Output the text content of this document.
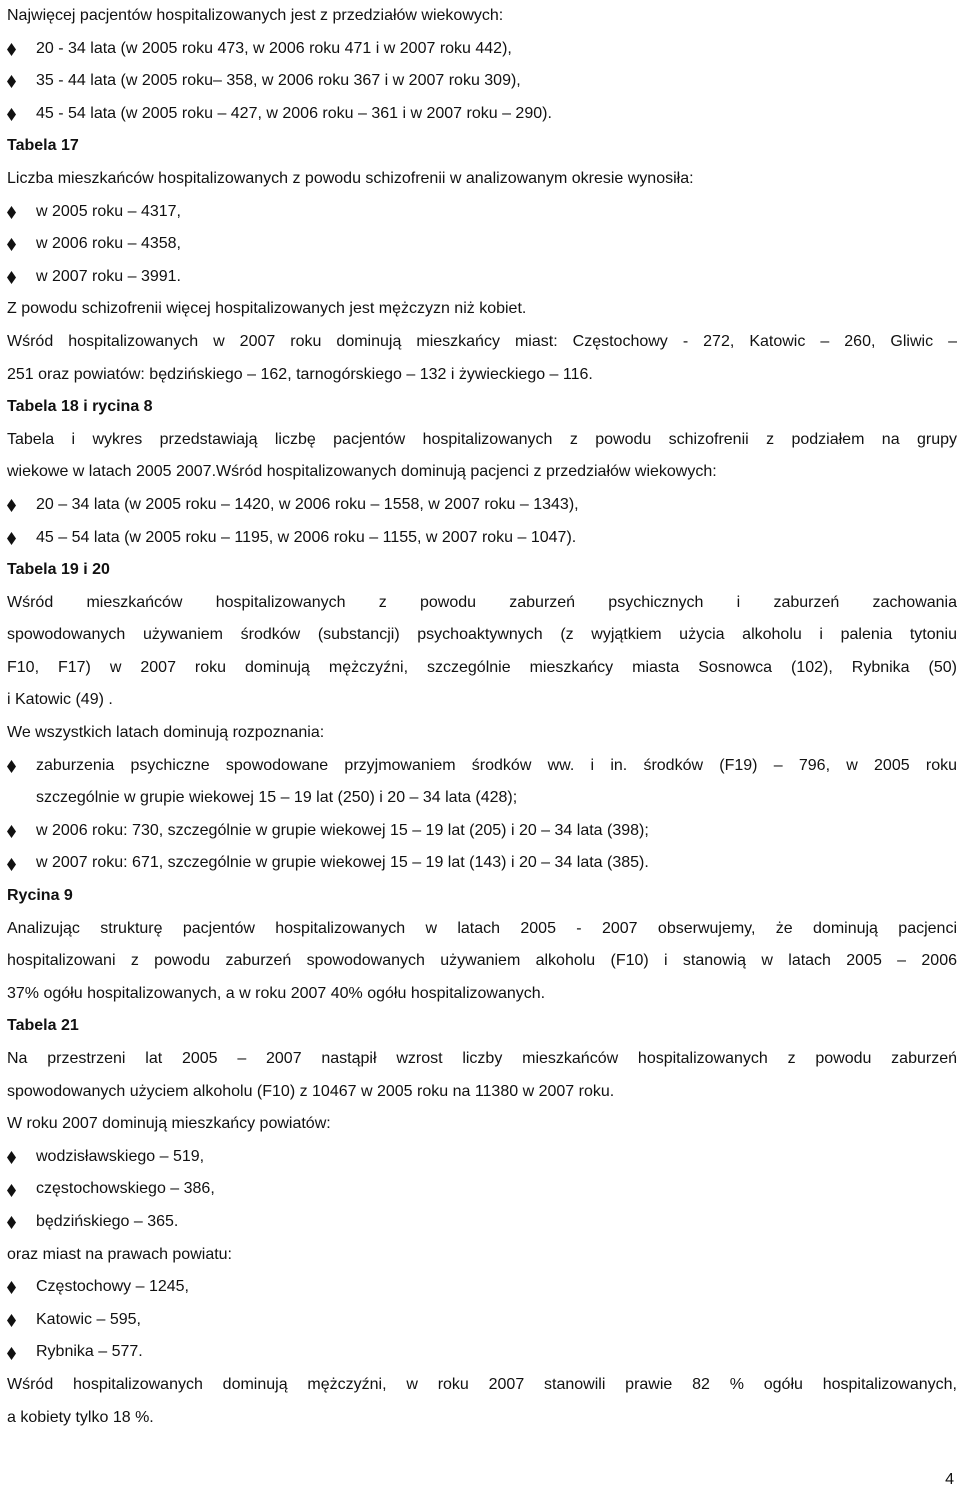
Najwięcej pacjentów hospitalizowanych jest z przedziałów wiekowych:
20 - 34 lata (w 2005 roku 473, w 2006 roku 471 i w 2007 roku 442),
35 - 44 lata (w 2005 roku– 358, w 2006 roku 367 i w 2007 roku 309),
45 - 54 lata (w 2005 roku – 427, w 2006 roku – 361 i w 2007 roku – 290).
Tabela 17
Liczba mieszkańców hospitalizowanych z powodu schizofrenii w analizowanym okresie wynosiła:
w 2005 roku – 4317,
w 2006 roku – 4358,
w 2007 roku – 3991.
Z powodu schizofrenii więcej hospitalizowanych jest mężczyzn niż kobiet.
Wśród hospitalizowanych w 2007 roku dominują mieszkańcy miast: Częstochowy - 272, Katowic – 260, Gliwic –
251 oraz powiatów: będzińskiego – 162, tarnogórskiego – 132 i żywieckiego – 116.
Tabela 18 i rycina 8
Tabela i wykres przedstawiają liczbę pacjentów hospitalizowanych z powodu schizofrenii z podziałem na grupy
wiekowe w latach 2005 2007.Wśród hospitalizowanych dominują pacjenci z przedziałów wiekowych:
20 – 34 lata (w 2005 roku – 1420, w 2006 roku – 1558, w 2007 roku – 1343),
45 – 54 lata (w 2005 roku – 1195, w 2006 roku – 1155, w 2007 roku – 1047).
Tabela 19 i 20
Wśród mieszkańców hospitalizowanych z powodu zaburzeń psychicznych i zaburzeń zachowania
spowodowanych używaniem środków (substancji) psychoaktywnych (z wyjątkiem użycia alkoholu i palenia tytoniu
F10, F17) w 2007 roku dominują mężczyźni, szczególnie mieszkańcy miasta Sosnowca (102), Rybnika (50)
i Katowic (49) .
We wszystkich latach dominują rozpoznania:
zaburzenia psychiczne spowodowane przyjmowaniem środków ww. i in. środków (F19) – 796, w 2005 roku
szczególnie w grupie wiekowej 15 – 19 lat (250) i 20 – 34 lata (428);
w 2006 roku: 730, szczególnie w grupie wiekowej 15 – 19 lat (205) i 20 – 34 lata (398);
w 2007 roku: 671, szczególnie w grupie wiekowej 15 – 19 lat (143) i 20 – 34 lata (385).
Rycina 9
Analizując strukturę pacjentów hospitalizowanych w latach 2005 - 2007 obserwujemy, że dominują pacjenci
hospitalizowani z powodu zaburzeń spowodowanych używaniem alkoholu (F10) i stanowią w latach 2005 – 2006
37% ogółu hospitalizowanych, a w roku 2007 40% ogółu hospitalizowanych.
Tabela 21
Na przestrzeni lat 2005 – 2007 nastąpił wzrost liczby mieszkańców hospitalizowanych z powodu zaburzeń
spowodowanych użyciem alkoholu (F10) z 10467 w 2005 roku na 11380 w 2007 roku.
W roku 2007 dominują mieszkańcy powiatów:
wodzisławskiego – 519,
częstochowskiego – 386,
będzińskiego – 365.
oraz miast na prawach powiatu:
Częstochowy – 1245,
Katowic – 595,
Rybnika – 577.
Wśród hospitalizowanych dominują mężczyźni, w roku 2007 stanowili prawie 82 % ogółu hospitalizowanych,
a kobiety tylko 18 %.
4
